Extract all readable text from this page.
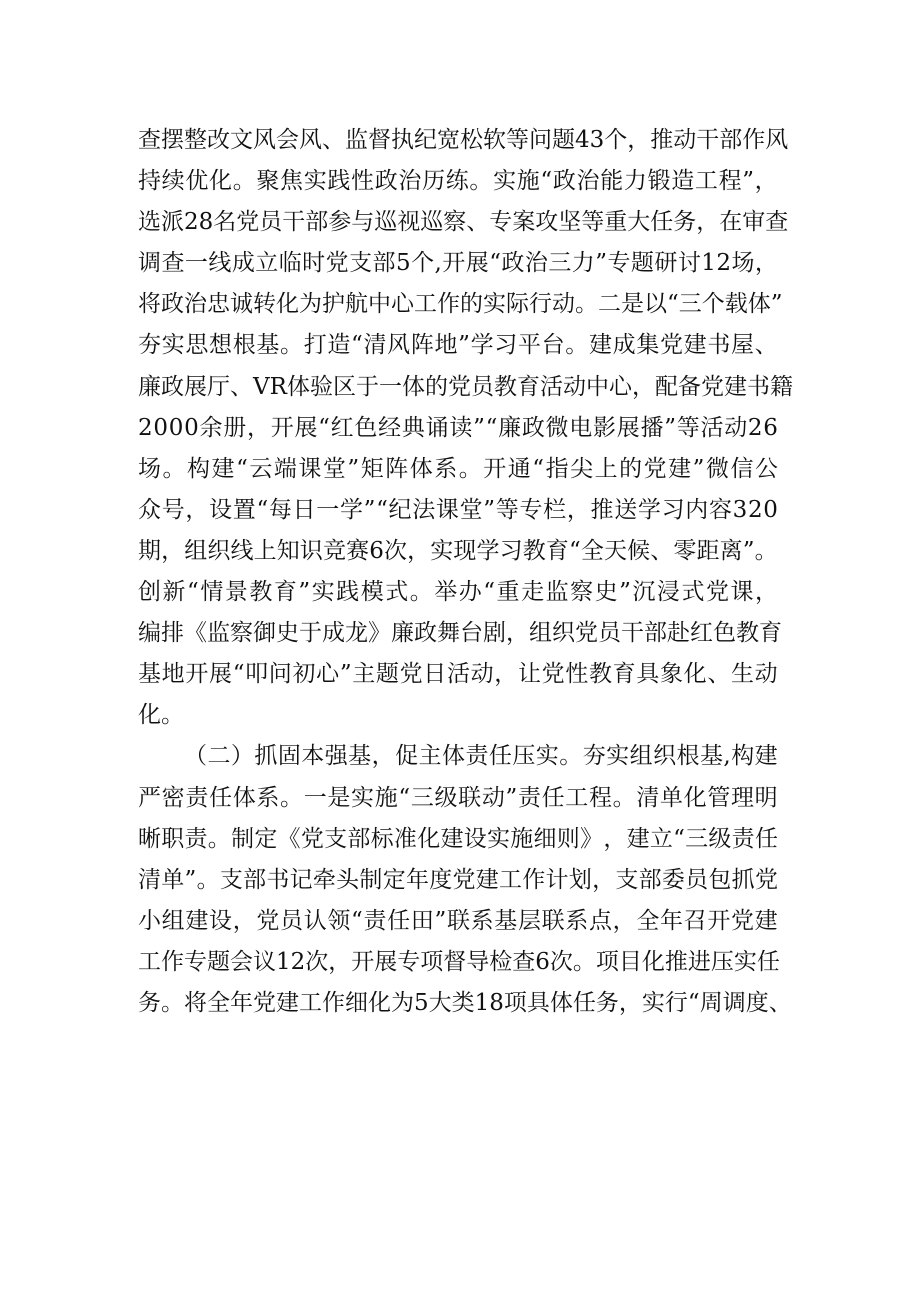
查 摆 整 改 文 风 会 风 、 监 督 执 纪 宽 松 软 等 问 题 4 3 个 ， 推 动 干 部 作 风
持 续 优 化 。 聚 焦 实 践 性 政 治 历 练 。 实 施 “ 政 治 能 力 锻 造 工 程 ” ，
选 派 2 8 名 党 员 干 部 参 与 巡 视 巡 察 、 专 案 攻 坚 等 重 大 任 务 ， 在 审 查
调 查 一 线 成 立 临 时 党 支 部 5 个 , 开 展 “ 政 治 三 力 ” 专 题 研 讨 1 2 场 ，
将 政 治 忠 诚 转 化 为 护 航 中 心 工 作 的 实 际 行 动 。 二 是 以 “ 三 个 载 体 ”
夯 实 思 想 根 基 。 打 造 “ 清 风 阵 地 ” 学 习 平 台 。 建 成 集 党 建 书 屋 、
廉 政 展 厅 、 V R 体 验 区 于 一 体 的 党 员 教 育 活 动 中 心 ， 配 备 党 建 书 籍
2 0 0 0 余 册 ， 开 展 “ 红 色 经 典 诵 读 ” “ 廉 政 微 电 影 展 播 ” 等 活 动 2 6
场 。 构 建 “ 云 端 课 堂 ” 矩 阵 体 系 。 开 通 “ 指 尖 上 的 党 建 ” 微 信 公
众 号 ， 设 置 “ 每 日 一 学 ” “ 纪 法 课 堂 ” 等 专 栏 ， 推 送 学 习 内 容 3 2 0
期 ， 组 织 线 上 知 识 竞 赛 6 次 ， 实 现 学 习 教 育 “ 全 天 候 、 零 距 离 ” 。
创 新 “ 情 景 教 育 ” 实 践 模 式 。 举 办 “ 重 走 监 察 史 ” 沉 浸 式 党 课 ，
编 排 《 监 察 御 史 于 成 龙 》 廉 政 舞 台 剧 ， 组 织 党 员 干 部 赴 红 色 教 育
基 地 开 展 “ 叩 问 初 心 ” 主 题 党 日 活 动 ， 让 党 性 教 育 具 象 化 、 生 动
化。
（ 二 ） 抓 固 本 强 基 ， 促 主 体 责 任 压 实 。 夯 实 组 织 根 基 , 构 建
严 密 责 任 体 系 。 一 是 实 施 “ 三 级 联 动 ” 责 任 工 程 。 清 单 化 管 理 明
晰 职 责 。 制 定 《 党 支 部 标 准 化 建 设 实 施 细 则 》 ， 建 立 “ 三 级 责 任
清 单 ” 。 支 部 书 记 牵 头 制 定 年 度 党 建 工 作 计 划 ， 支 部 委 员 包 抓 党
小 组 建 设 ， 党 员 认 领 “ 责 任 田 ” 联 系 基 层 联 系 点 ， 全 年 召 开 党 建
工 作 专 题 会 议 1 2 次 ， 开 展 专 项 督 导 检 查 6 次 。 项 目 化 推 进 压 实 任
务 。 将 全 年 党 建 工 作 细 化 为 5 大 类 1 8 项 具 体 任 务 ， 实 行 “ 周 调 度 、
